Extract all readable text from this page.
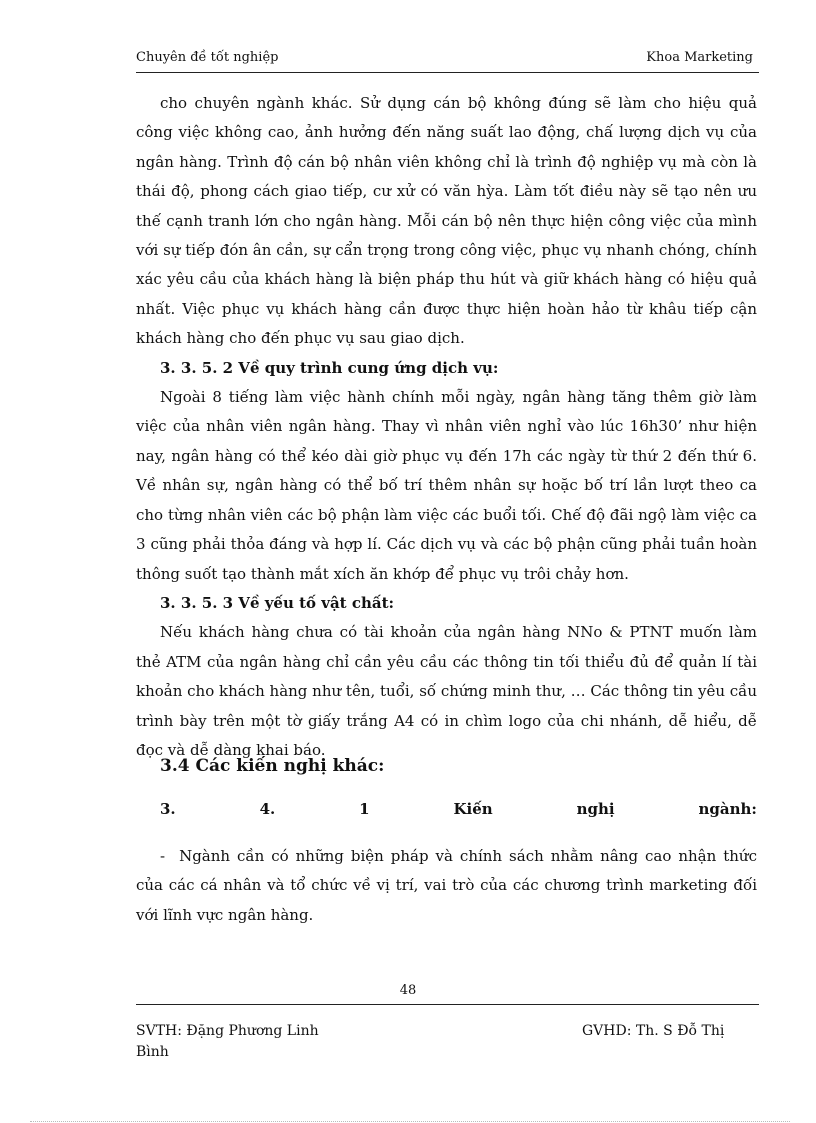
Chuyên đề tốt nghiệp	Khoa Marketing

cho chuyên ngành khác. Sử dụng cán bộ không đúng sẽ làm cho hiệu quả công việc không cao, ảnh hưởng đến năng suất lao động, chấ lượng dịch vụ của ngân hàng. Trình độ cán bộ nhân viên không chỉ là trình độ nghiệp vụ mà còn là thái độ, phong cách giao tiếp, cư xử có văn hỳa. Làm tốt điều này sẽ tạo nên ưu thế cạnh tranh lớn cho ngân hàng. Mỗi cán bộ nên thực hiện công việc của mình với sự tiếp đón ân cần, sự cẩn trọng trong công việc, phục vụ nhanh chóng, chính xác yêu cầu của khách hàng là biện pháp thu hút và giữ khách hàng có hiệu quả nhất. Việc phục vụ khách hàng cần được thực hiện hoàn hảo từ khâu tiếp cận khách hàng cho đến phục vụ sau giao dịch.

3. 3. 5. 2 Về quy trình cung ứng dịch vụ:

Ngoài 8 tiếng làm việc hành chính mỗi ngày, ngân hàng tăng thêm giờ làm việc của nhân viên ngân hàng. Thay vì nhân viên nghỉ vào lúc 16h30’ như hiện nay, ngân hàng có thể kéo dài giờ phục vụ đến 17h các ngày từ thứ 2 đến thứ 6. Về nhân sự, ngân hàng có thể bố trí thêm nhân sự hoặc bố trí lần lượt theo ca cho từng nhân viên các bộ phận làm việc các buổi tối. Chế độ đãi ngộ làm việc ca 3 cũng phải thỏa đáng và hợp lí. Các dịch vụ và các bộ phận cũng phải tuần hoàn thông suốt tạo thành mắt xích ăn khớp để phục vụ trôi chảy hơn.

3. 3. 5. 3 Về yếu tố vật chất:

Nếu khách hàng chưa có tài khoản của ngân hàng NNo & PTNT muốn làm thẻ ATM của ngân hàng chỉ cần yêu cầu các thông tin tối thiểu đủ để quản lí tài khoản cho khách hàng như tên, tuổi, số chứng minh thư, … Các thông tin yêu cầu trình bày trên một tờ giấy trắng A4 có in chìm logo của chi nhánh, dễ hiểu, dễ đọc và dễ dàng khai báo.

3.4 Các kiến nghị khác:
3.	4.	1	Kiến	nghị	ngành:
- Ngành cần có những biện pháp và chính sách nhằm nâng cao nhận thức của các cá nhân và tổ chức về vị trí, vai trò của các chương trình marketing đối với lĩnh vực ngân hàng.
48
SVTH: Đặng Phương Linh	GVHD: Th. S Đỗ Thị
Bình
